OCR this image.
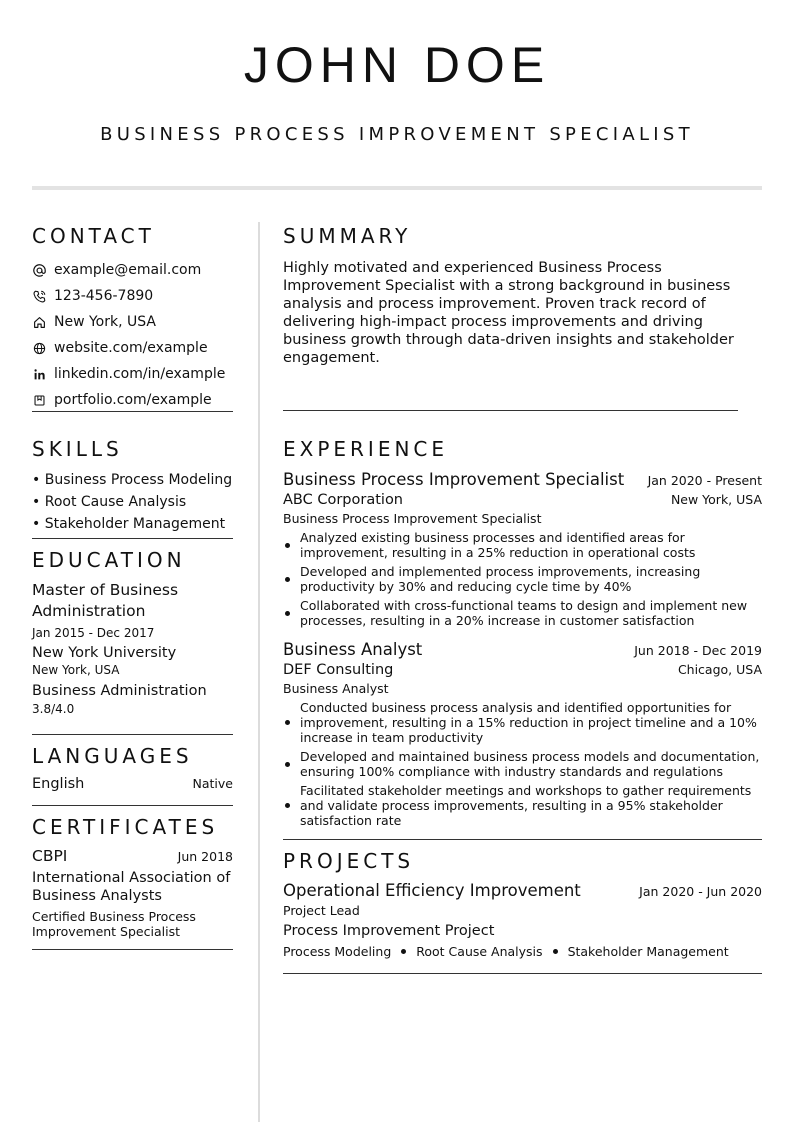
JOHN DOE
BUSINESS PROCESS IMPROVEMENT SPECIALIST
CONTACT
example@email.com
123-456-7890
New York, USA
website.com/example
linkedin.com/in/example
portfolio.com/example
SKILLS
• Business Process Modeling
• Root Cause Analysis
• Stakeholder Management
EDUCATION
Master of Business Administration
Jan 2015 - Dec 2017
New York University
New York, USA
Business Administration
3.8/4.0
LANGUAGES
English	Native
CERTIFICATES
CBPI	Jun 2018
International Association of Business Analysts
Certified Business Process Improvement Specialist
SUMMARY
Highly motivated and experienced Business Process Improvement Specialist with a strong background in business analysis and process improvement. Proven track record of delivering high-impact process improvements and driving business growth through data-driven insights and stakeholder engagement.
EXPERIENCE
Business Process Improvement Specialist Jan 2020 - Present
ABC Corporation	New York, USA
Business Process Improvement Specialist
Analyzed existing business processes and identified areas for improvement, resulting in a 25% reduction in operational costs
Developed and implemented process improvements, increasing productivity by 30% and reducing cycle time by 40%
Collaborated with cross-functional teams to design and implement new processes, resulting in a 20% increase in customer satisfaction
Business Analyst	Jun 2018 - Dec 2019
DEF Consulting	Chicago, USA
Business Analyst
Conducted business process analysis and identified opportunities for improvement, resulting in a 15% reduction in project timeline and a 10% increase in team productivity
Developed and maintained business process models and documentation, ensuring 100% compliance with industry standards and regulations
Facilitated stakeholder meetings and workshops to gather requirements and validate process improvements, resulting in a 95% stakeholder satisfaction rate
PROJECTS
Operational Efficiency Improvement	Jan 2020 - Jun 2020
Project Lead
Process Improvement Project
Process Modeling Root Cause Analysis Stakeholder Management
